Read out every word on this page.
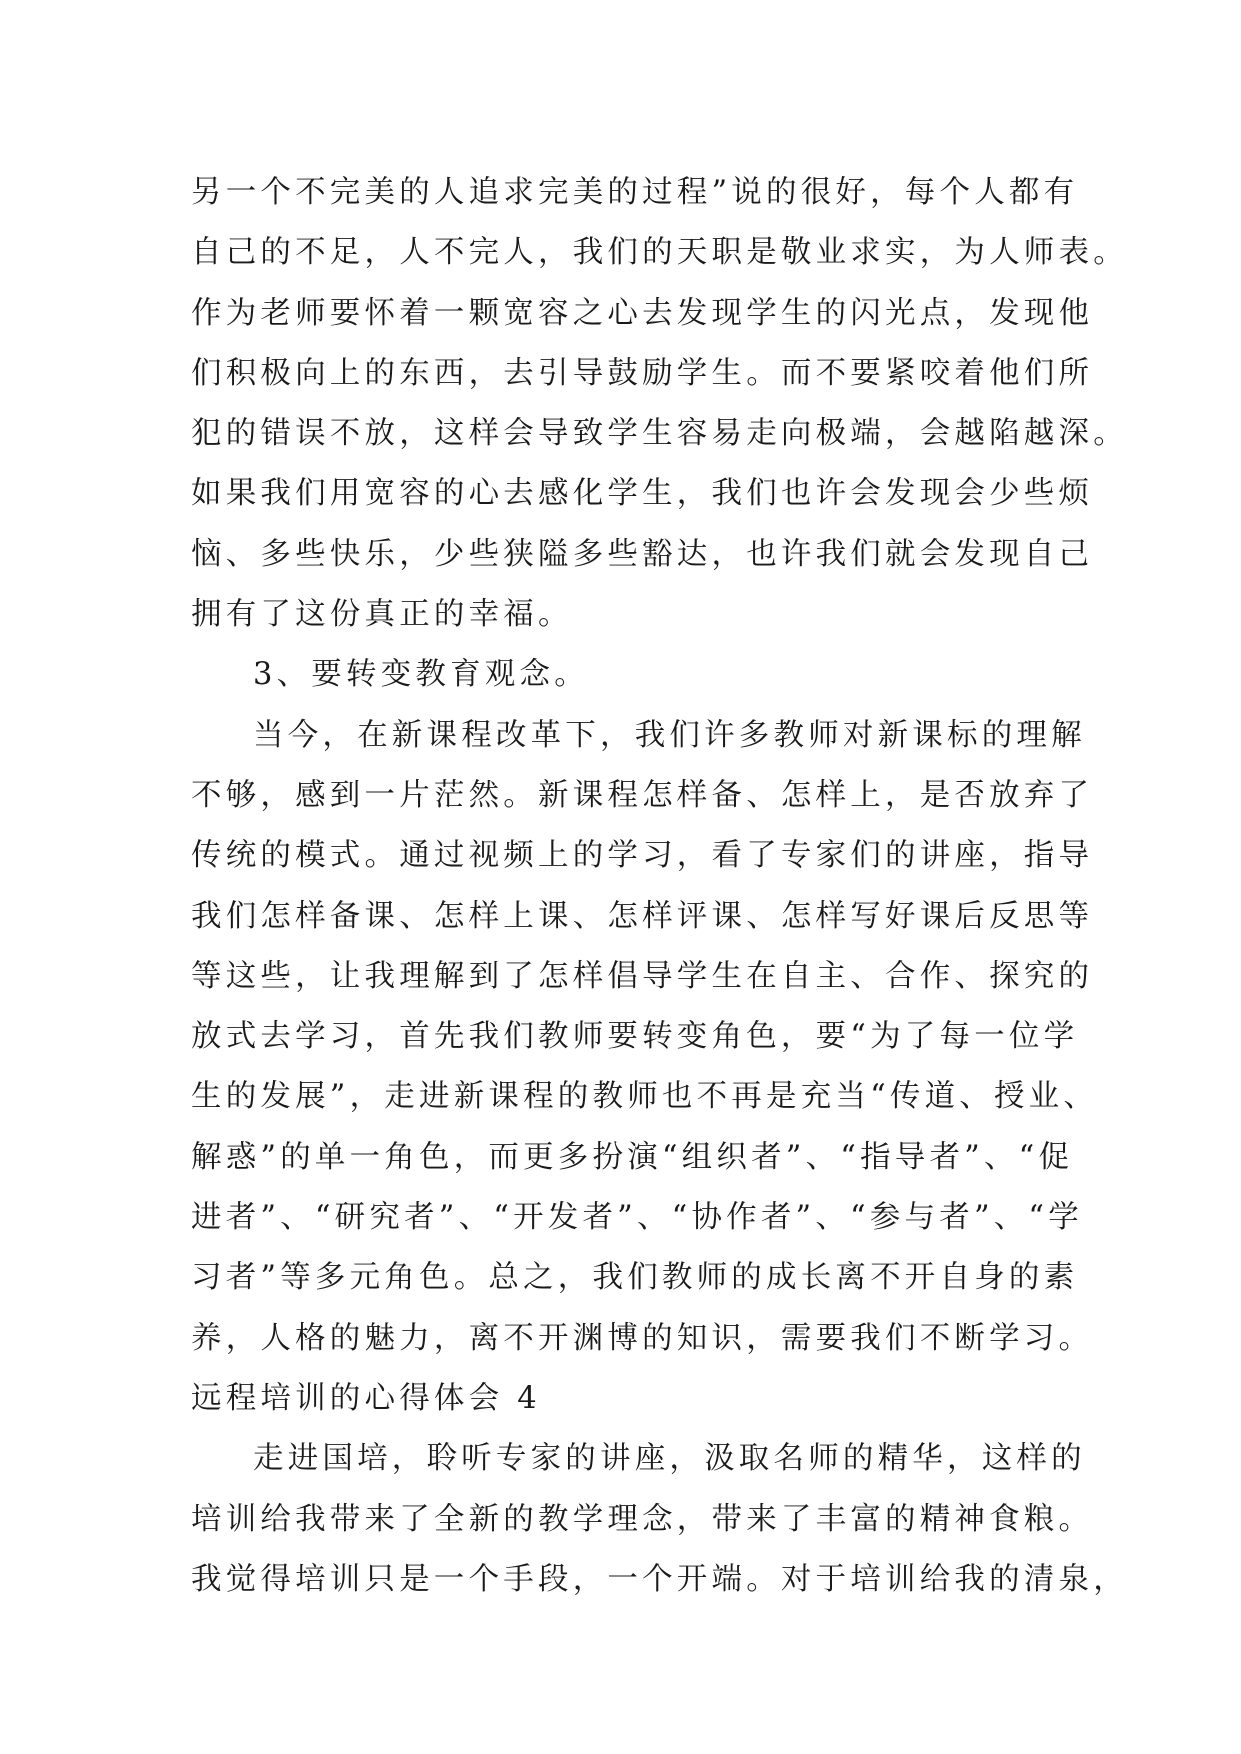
另一个不完美的人追求完美的过程”说的很好，每个人都有
自己的不足，人不完人，我们的天职是敬业求实，为人师表。
作为老师要怀着一颗宽容之心去发现学生的闪光点，发现他
们积极向上的东西，去引导鼓励学生。而不要紧咬着他们所
犯的错误不放，这样会导致学生容易走向极端，会越陷越深。
如果我们用宽容的心去感化学生，我们也许会发现会少些烦
恼、多些快乐，少些狭隘多些豁达，也许我们就会发现自己
拥有了这份真正的幸福。
3、要转变教育观念。
当今，在新课程改革下，我们许多教师对新课标的理解
不够，感到一片茫然。新课程怎样备、怎样上，是否放弃了
传统的模式。通过视频上的学习，看了专家们的讲座，指导
我们怎样备课、怎样上课、怎样评课、怎样写好课后反思等
等这些，让我理解到了怎样倡导学生在自主、合作、探究的
放式去学习，首先我们教师要转变角色，要“为了每一位学
生的发展”，走进新课程的教师也不再是充当“传道、授业、
解惑”的单一角色，而更多扮演“组织者”、“指导者”、“促
进者”、“研究者”、“开发者”、“协作者”、“参与者”、“学
习者”等多元角色。总之，我们教师的成长离不开自身的素
养，人格的魅力，离不开渊博的知识，需要我们不断学习。
远程培训的心得体会 4
走进国培，聆听专家的讲座，汲取名师的精华，这样的
培训给我带来了全新的教学理念，带来了丰富的精神食粮。
我觉得培训只是一个手段，一个开端。对于培训给我的清泉，
